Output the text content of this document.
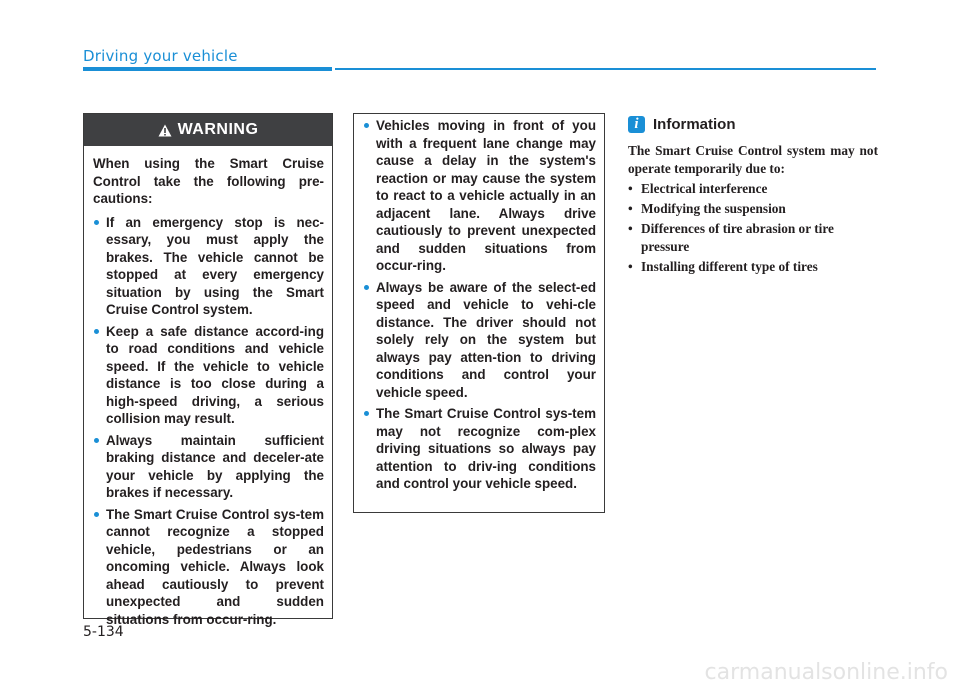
Driving your vehicle
WARNING

When using the Smart Cruise Control take the following pre-cautions:

If an emergency stop is nec-essary, you must apply the brakes. The vehicle cannot be stopped at every emergency situation by using the Smart Cruise Control system.
Keep a safe distance accord-ing to road conditions and vehicle speed. If the vehicle to vehicle distance is too close during a high-speed driving, a serious collision may result.
Always maintain sufficient braking distance and deceler-ate your vehicle by applying the brakes if necessary.
The Smart Cruise Control sys-tem cannot recognize a stopped vehicle, pedestrians or an oncoming vehicle. Always look ahead cautiously to prevent unexpected and sudden situations from occur-ring.
Vehicles moving in front of you with a frequent lane change may cause a delay in the system's reaction or may cause the system to react to a vehicle actually in an adjacent lane. Always drive cautiously to prevent unexpected and sudden situations from occur-ring.
Always be aware of the select-ed speed and vehicle to vehi-cle distance. The driver should not solely rely on the system but always pay atten-tion to driving conditions and control your vehicle speed.
The Smart Cruise Control sys-tem may not recognize com-plex driving situations so always pay attention to driv-ing conditions and control your vehicle speed.
i Information

The Smart Cruise Control system may not operate temporarily due to:

• Electrical interference
• Modifying the suspension
• Differences of tire abrasion or tire pressure
• Installing different type of tires
5-134
carmanualsonline.info
